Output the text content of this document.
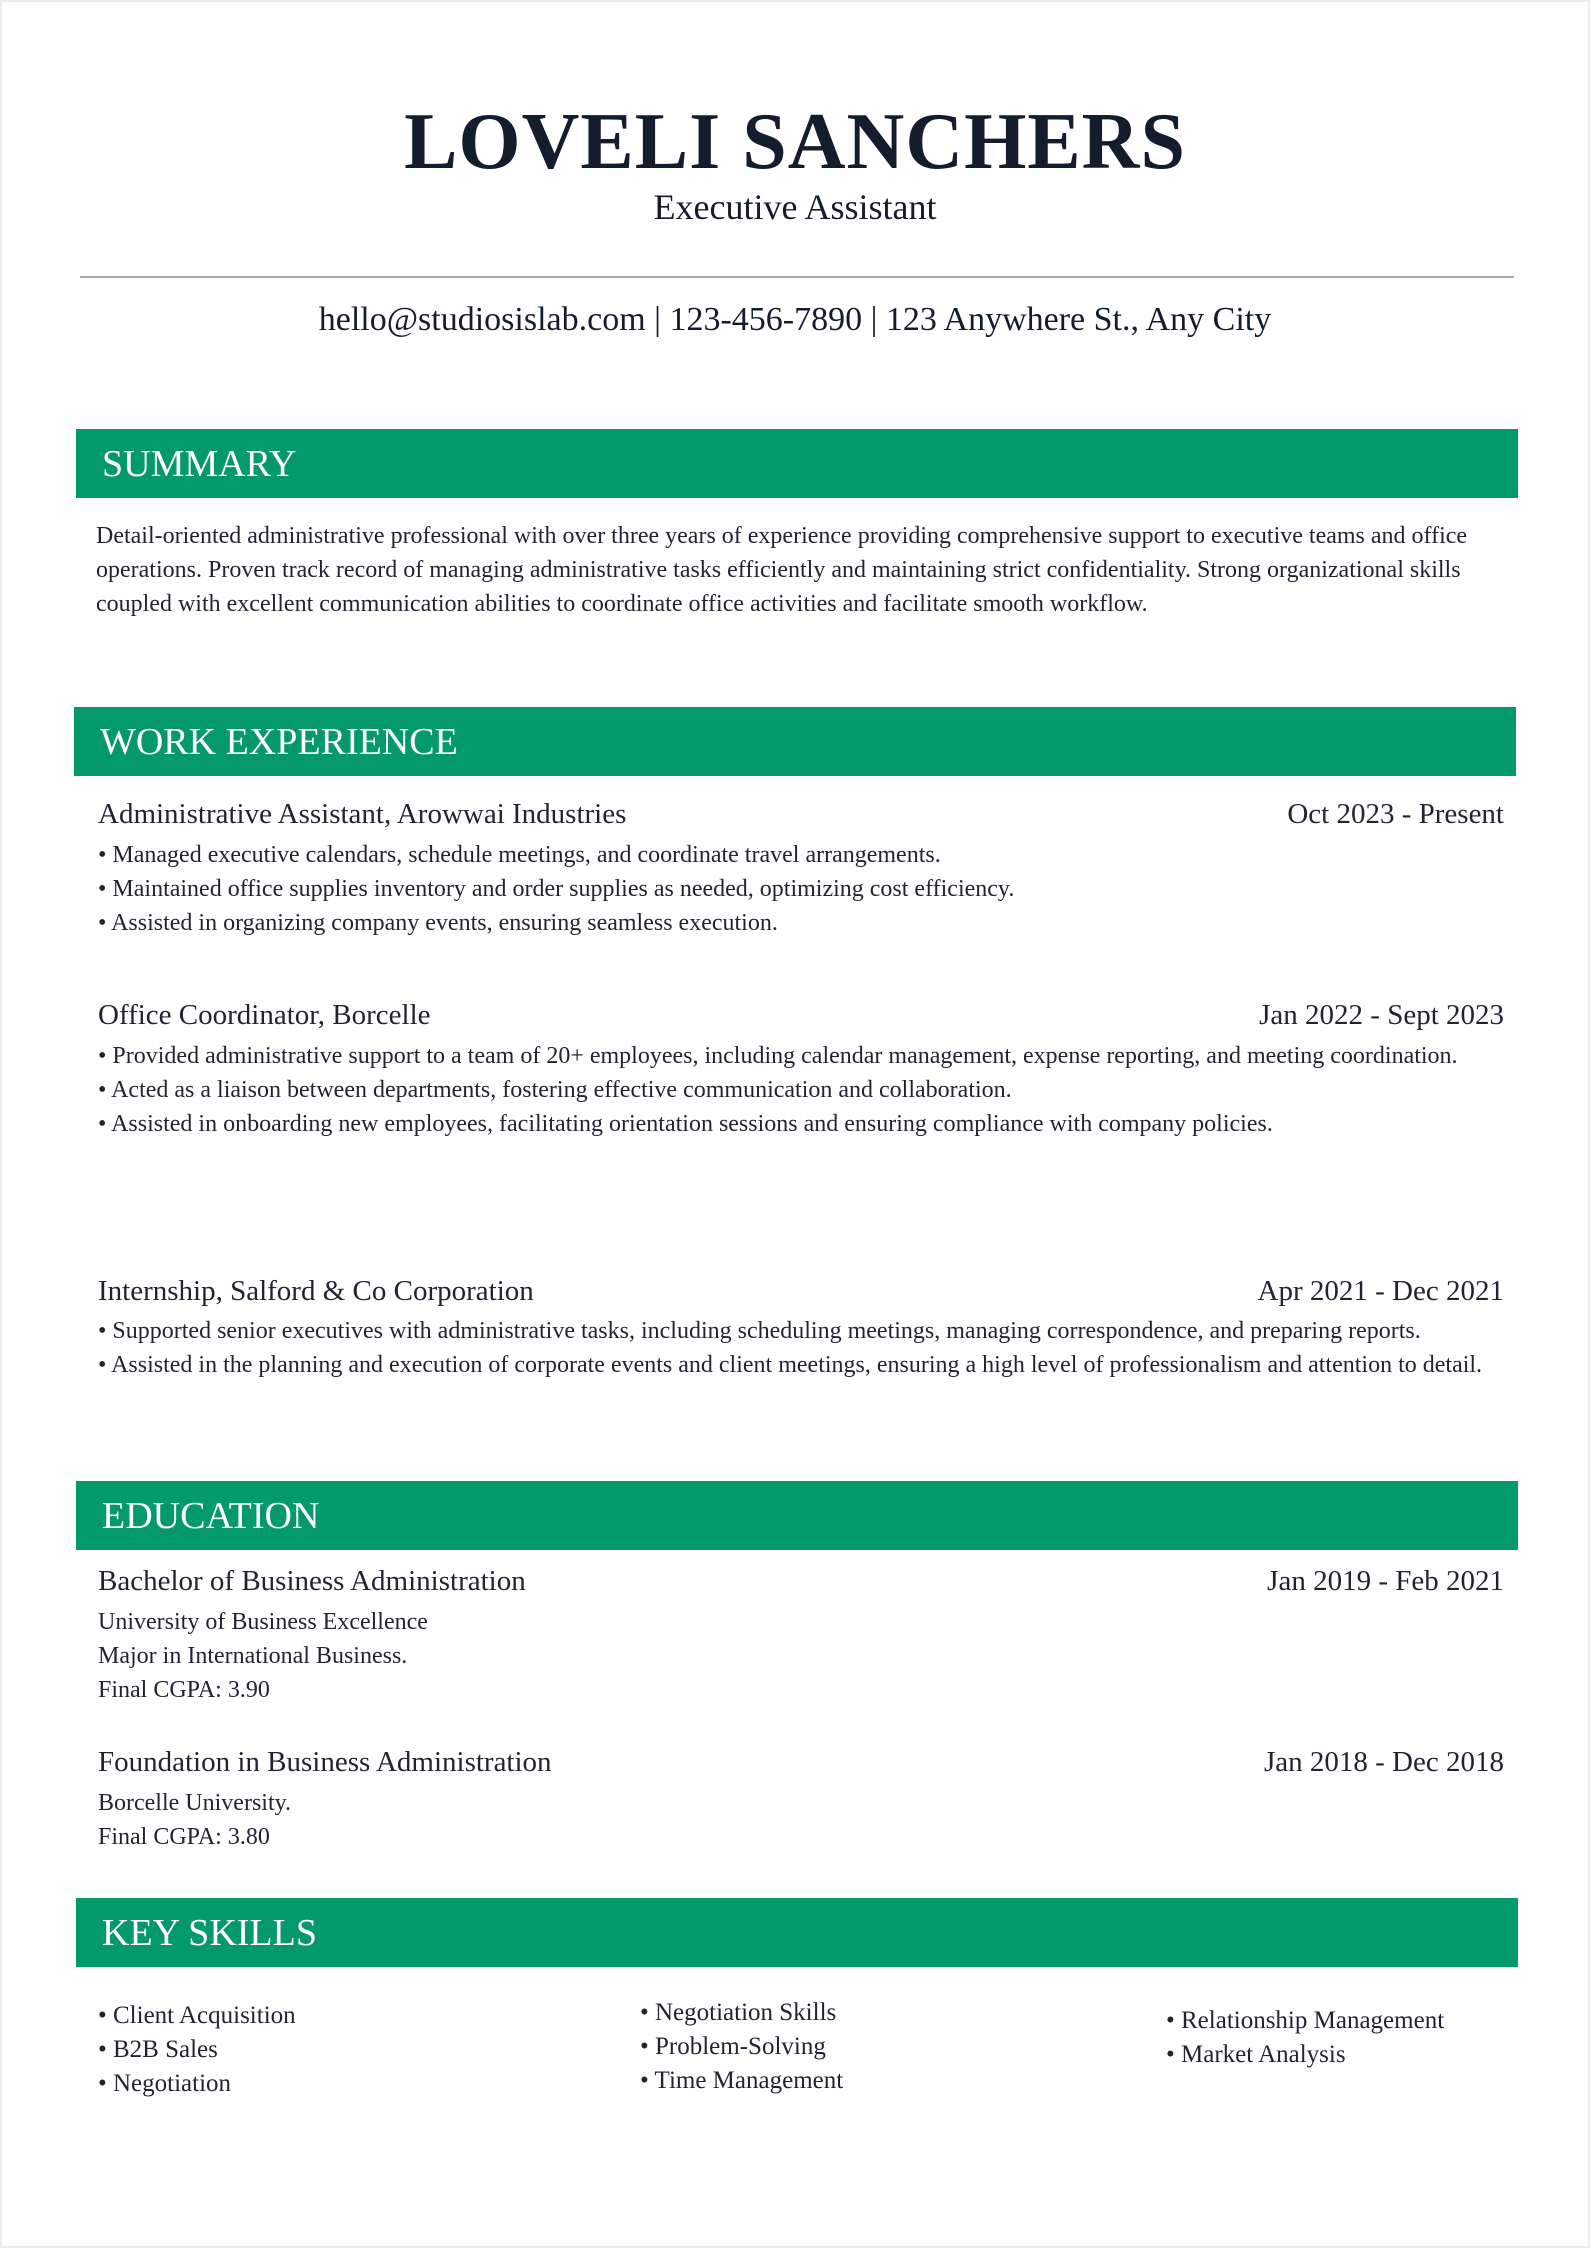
LOVELI SANCHERS
Executive Assistant
hello@studiosislab.com | 123-456-7890 | 123 Anywhere St., Any City
SUMMARY
Detail-oriented administrative professional with over three years of experience providing comprehensive support to executive teams and office operations. Proven track record of managing administrative tasks efficiently and maintaining strict confidentiality. Strong organizational skills coupled with excellent communication abilities to coordinate office activities and facilitate smooth workflow.
WORK EXPERIENCE
Administrative Assistant, Arowwai Industries	Oct 2023 - Present
• Managed executive calendars, schedule meetings, and coordinate travel arrangements.
• Maintained office supplies inventory and order supplies as needed, optimizing cost efficiency.
• Assisted in organizing company events, ensuring seamless execution.
Office Coordinator, Borcelle	Jan 2022 - Sept 2023
• Provided administrative support to a team of 20+ employees, including calendar management, expense reporting, and meeting coordination.
• Acted as a liaison between departments, fostering effective communication and collaboration.
• Assisted in onboarding new employees, facilitating orientation sessions and ensuring compliance with company policies.
Internship, Salford & Co Corporation	Apr 2021 - Dec 2021
• Supported senior executives with administrative tasks, including scheduling meetings, managing correspondence, and preparing reports.
• Assisted in the planning and execution of corporate events and client meetings, ensuring a high level of professionalism and attention to detail.
EDUCATION
Bachelor of Business Administration	Jan 2019 - Feb 2021
University of Business Excellence
Major in International Business.
Final CGPA: 3.90
Foundation in Business Administration	Jan 2018 - Dec 2018
Borcelle University.
Final CGPA: 3.80
KEY SKILLS
• Client Acquisition
• B2B Sales
• Negotiation
• Negotiation Skills
• Problem-Solving
• Time Management
• Relationship Management
• Market Analysis
